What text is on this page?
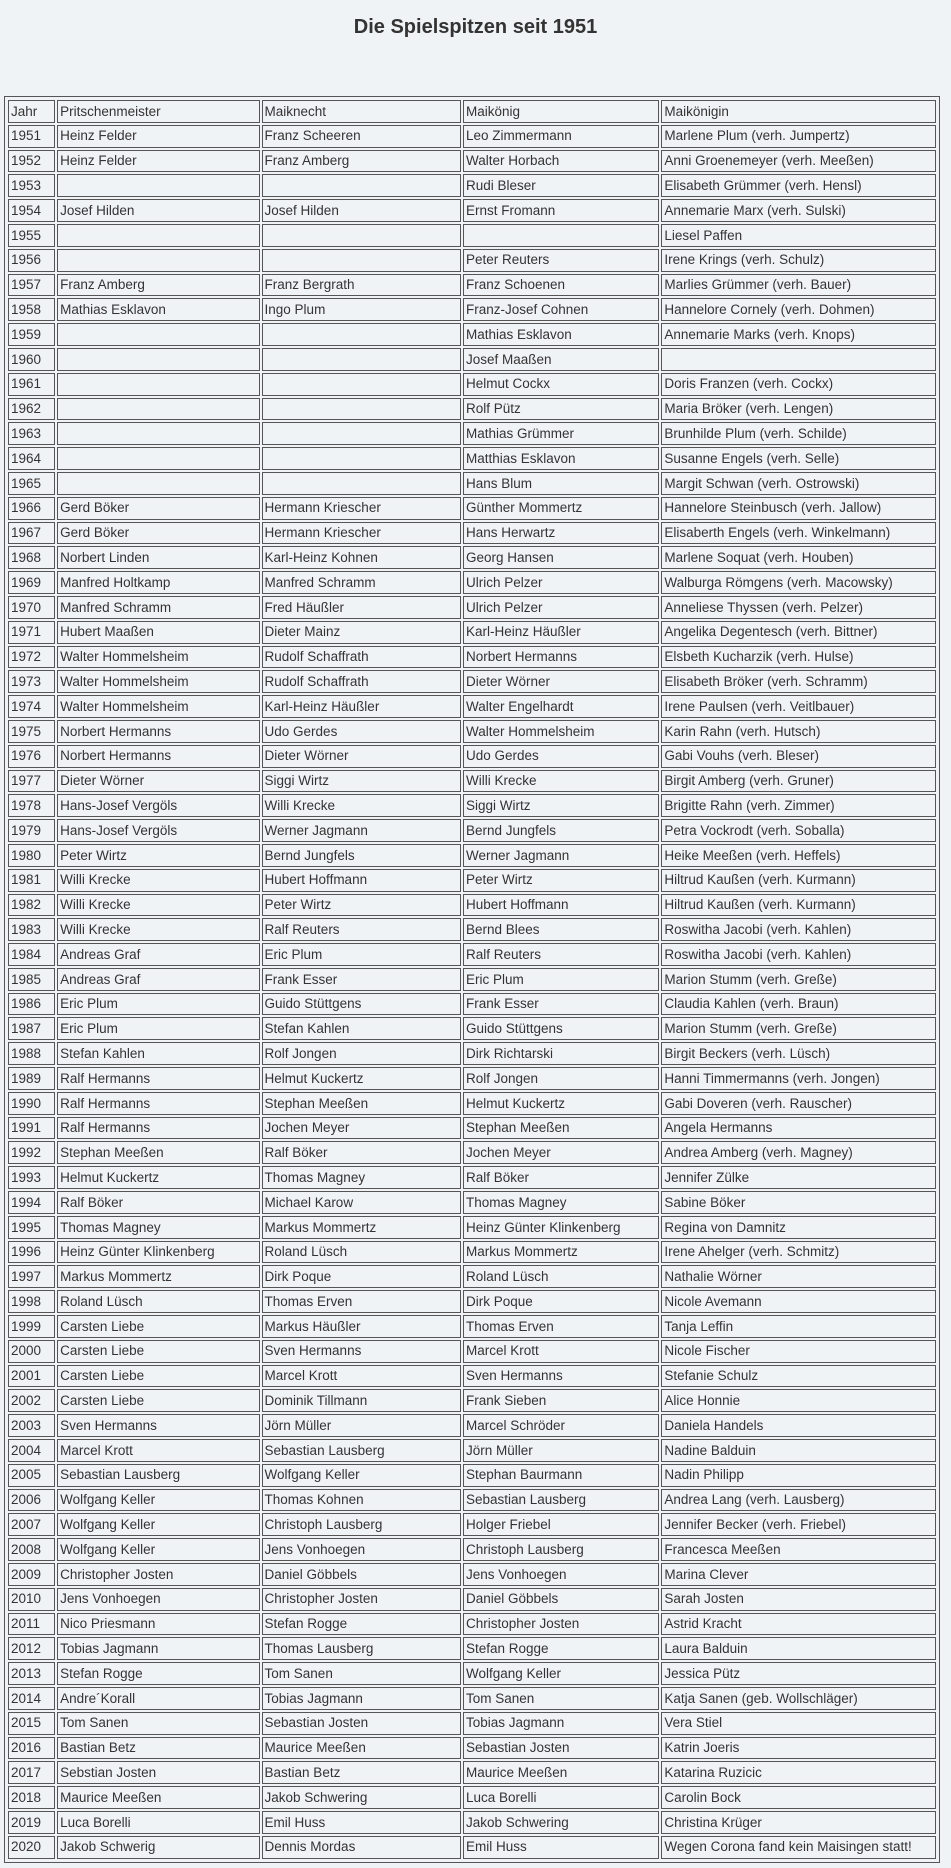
Die Spielspitzen seit 1951
Jahr	Pritschenmeister	Maiknecht	Maikönig	Maikönigin
1951	Heinz Felder	Franz Scheeren	Leo Zimmermann	Marlene Plum (verh. Jumpertz)
1952	Heinz Felder	Franz Amberg	Walter Horbach	Anni Groenemeyer (verh. Meeßen)
1953			Rudi Bleser	Elisabeth Grümmer (verh. Hensl)
1954	Josef Hilden	Josef Hilden	Ernst Fromann	Annemarie Marx (verh. Sulski)
1955				Liesel Paffen
1956			Peter Reuters	Irene Krings (verh. Schulz)
1957	Franz Amberg	Franz Bergrath	Franz Schoenen	Marlies Grümmer (verh. Bauer)
1958	Mathias Esklavon	Ingo Plum	Franz-Josef Cohnen	Hannelore Cornely (verh. Dohmen)
1959			Mathias Esklavon	Annemarie Marks (verh. Knops)
1960			Josef Maaßen	
1961			Helmut Cockx	Doris Franzen (verh. Cockx)
1962			Rolf Pütz	Maria Bröker (verh. Lengen)
1963			Mathias Grümmer	Brunhilde Plum (verh. Schilde)
1964			Matthias Esklavon	Susanne Engels (verh. Selle)
1965			Hans Blum	Margit Schwan (verh. Ostrowski)
1966	Gerd Böker	Hermann Kriescher	Günther Mommertz	Hannelore Steinbusch (verh. Jallow)
1967	Gerd Böker	Hermann Kriescher	Hans Herwartz	Elisaberth Engels (verh. Winkelmann)
1968	Norbert Linden	Karl-Heinz Kohnen	Georg Hansen	Marlene Soquat (verh. Houben)
1969	Manfred Holtkamp	Manfred Schramm	Ulrich Pelzer	Walburga Römgens (verh. Macowsky)
1970	Manfred Schramm	Fred Häußler	Ulrich Pelzer	Anneliese Thyssen (verh. Pelzer)
1971	Hubert Maaßen	Dieter Mainz	Karl-Heinz Häußler	Angelika Degentesch (verh. Bittner)
1972	Walter Hommelsheim	Rudolf Schaffrath	Norbert Hermanns	Elsbeth Kucharzik (verh. Hulse)
1973	Walter Hommelsheim	Rudolf Schaffrath	Dieter Wörner	Elisabeth Bröker (verh. Schramm)
1974	Walter Hommelsheim	Karl-Heinz Häußler	Walter Engelhardt	Irene Paulsen (verh. Veitlbauer)
1975	Norbert Hermanns	Udo Gerdes	Walter Hommelsheim	Karin Rahn (verh. Hutsch)
1976	Norbert Hermanns	Dieter Wörner	Udo Gerdes	Gabi Vouhs (verh. Bleser)
1977	Dieter Wörner	Siggi Wirtz	Willi Krecke	Birgit Amberg (verh. Gruner)
1978	Hans-Josef Vergöls	Willi Krecke	Siggi Wirtz	Brigitte Rahn (verh. Zimmer)
1979	Hans-Josef Vergöls	Werner Jagmann	Bernd Jungfels	Petra Vockrodt (verh. Soballa)
1980	Peter Wirtz	Bernd Jungfels	Werner Jagmann	Heike Meeßen (verh. Heffels)
1981	Willi Krecke	Hubert Hoffmann	Peter Wirtz	Hiltrud Kaußen (verh. Kurmann)
1982	Willi Krecke	Peter Wirtz	Hubert Hoffmann	Hiltrud Kaußen (verh. Kurmann)
1983	Willi Krecke	Ralf Reuters	Bernd Blees	Roswitha Jacobi (verh. Kahlen)
1984	Andreas Graf	Eric Plum	Ralf Reuters	Roswitha Jacobi (verh. Kahlen)
1985	Andreas Graf	Frank Esser	Eric Plum	Marion Stumm (verh. Greße)
1986	Eric Plum	Guido Stüttgens	Frank Esser	Claudia Kahlen (verh. Braun)
1987	Eric Plum	Stefan Kahlen	Guido Stüttgens	Marion Stumm (verh. Greße)
1988	Stefan Kahlen	Rolf Jongen	Dirk Richtarski	Birgit Beckers (verh. Lüsch)
1989	Ralf Hermanns	Helmut Kuckertz	Rolf Jongen	Hanni Timmermanns (verh. Jongen)
1990	Ralf Hermanns	Stephan Meeßen	Helmut Kuckertz	Gabi Doveren (verh. Rauscher)
1991	Ralf Hermanns	Jochen Meyer	Stephan Meeßen	Angela Hermanns
1992	Stephan Meeßen	Ralf Böker	Jochen Meyer	Andrea Amberg (verh. Magney)
1993	Helmut Kuckertz	Thomas Magney	Ralf Böker	Jennifer Zülke
1994	Ralf Böker	Michael Karow	Thomas Magney	Sabine Böker
1995	Thomas Magney	Markus Mommertz	Heinz Günter Klinkenberg	Regina von Damnitz
1996	Heinz Günter Klinkenberg	Roland Lüsch	Markus Mommertz	Irene Ahelger (verh. Schmitz)
1997	Markus Mommertz	Dirk Poque	Roland Lüsch	Nathalie Wörner
1998	Roland Lüsch	Thomas Erven	Dirk Poque	Nicole Avemann
1999	Carsten Liebe	Markus Häußler	Thomas Erven	Tanja Leffin
2000	Carsten Liebe	Sven Hermanns	Marcel Krott	Nicole Fischer
2001	Carsten Liebe	Marcel Krott	Sven Hermanns	Stefanie Schulz
2002	Carsten Liebe	Dominik Tillmann	Frank Sieben	Alice Honnie
2003	Sven Hermanns	Jörn Müller	Marcel Schröder	Daniela Handels
2004	Marcel Krott	Sebastian Lausberg	Jörn Müller	Nadine Balduin
2005	Sebastian Lausberg	Wolfgang Keller	Stephan Baurmann	Nadin Philipp
2006	Wolfgang Keller	Thomas Kohnen	Sebastian Lausberg	Andrea Lang (verh. Lausberg)
2007	Wolfgang Keller	Christoph Lausberg	Holger Friebel	Jennifer Becker (verh. Friebel)
2008	Wolfgang Keller	Jens Vonhoegen	Christoph Lausberg	Francesca Meeßen
2009	Christopher Josten	Daniel Göbbels	Jens Vonhoegen	Marina Clever
2010	Jens Vonhoegen	Christopher Josten	Daniel Göbbels	Sarah Josten
2011	Nico Priesmann	Stefan Rogge	Christopher Josten	Astrid Kracht
2012	Tobias Jagmann	Thomas Lausberg	Stefan Rogge	Laura Balduin
2013	Stefan Rogge	Tom Sanen	Wolfgang Keller	Jessica Pütz
2014	Andre´Korall	Tobias Jagmann	Tom Sanen	Katja Sanen (geb. Wollschläger)
2015	Tom Sanen	Sebastian Josten	Tobias Jagmann	Vera Stiel
2016	Bastian Betz	Maurice Meeßen	Sebastian Josten	Katrin Joeris
2017	Sebstian Josten	Bastian Betz	Maurice Meeßen	Katarina Ruzicic
2018	Maurice Meeßen	Jakob Schwering	Luca Borelli	Carolin Bock
2019	Luca Borelli	Emil Huss	Jakob Schwering	Christina Krüger
2020	Jakob Schwerig	Dennis Mordas	Emil Huss	Wegen Corona fand kein Maisingen statt!
